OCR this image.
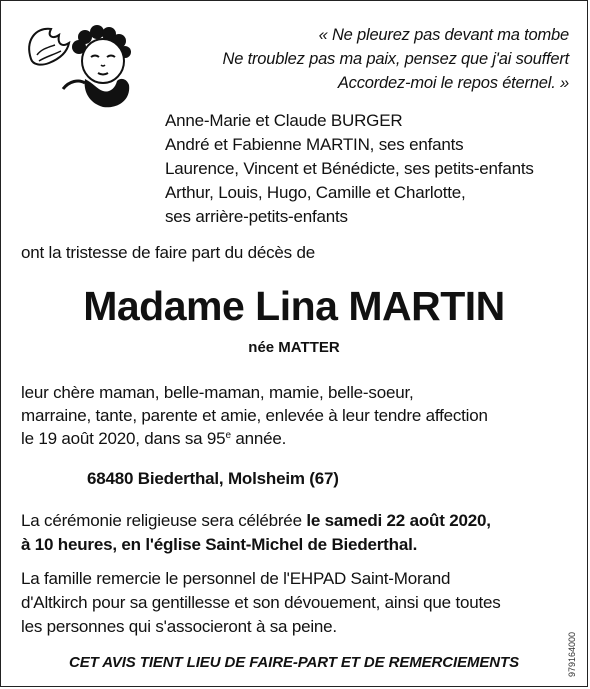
« Ne pleurez pas devant ma tombe
Ne troublez pas ma paix, pensez que j'ai souffert
Accordez-moi le repos éternel. »
Anne-Marie et Claude BURGER
André et Fabienne MARTIN, ses enfants
Laurence, Vincent et Bénédicte, ses petits-enfants
Arthur, Louis, Hugo, Camille et Charlotte,
ses arrière-petits-enfants
ont la tristesse de faire part du décès de
Madame Lina MARTIN
née MATTER
leur chère maman, belle-maman, mamie, belle-soeur,
marraine, tante, parente et amie, enlevée à leur tendre affection
le 19 août 2020, dans sa 95e année.
68480 Biederthal, Molsheim (67)
La cérémonie religieuse sera célébrée le samedi 22 août 2020,
à 10 heures, en l'église Saint-Michel de Biederthal.
La famille remercie le personnel de l'EHPAD Saint-Morand
d'Altkirch pour sa gentillesse et son dévouement, ainsi que toutes
les personnes qui s'associeront à sa peine.
CET AVIS TIENT LIEU DE FAIRE-PART ET DE REMERCIEMENTS	979164000
